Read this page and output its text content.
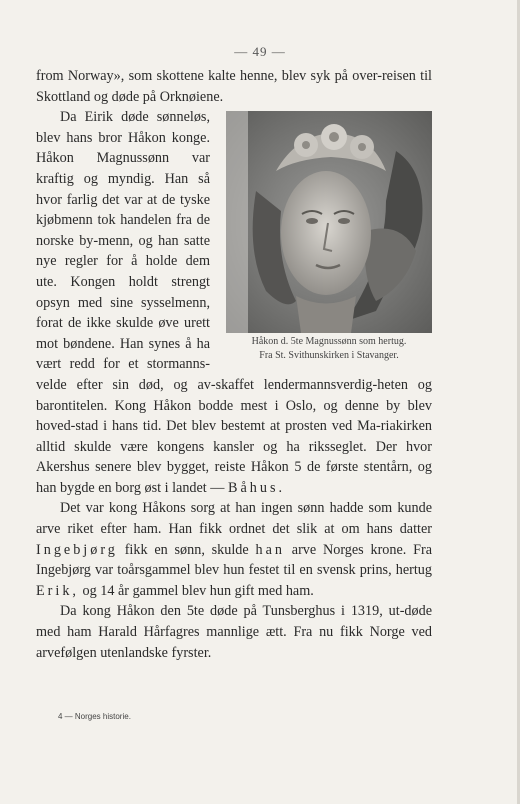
— 49 —

from Norway», som skottene kalte henne, blev syk på over-reisen til Skottland og døde på Orknøiene.

Håkon d. 5te Magnussønn som hertug.
Fra St. Svithunskirken i Stavanger.

Da Eirik døde sønneløs, blev hans bror Håkon konge. Håkon Magnussønn var kraftig og myndig. Han så hvor farlig det var at de tyske kjøbmenn tok handelen fra de norske by-menn, og han satte nye regler for å holde dem ute. Kongen holdt strengt opsyn med sine sysselmenn, forat de ikke skulde øve urett mot bøndene. Han synes å ha vært redd for et stormanns-velde efter sin død, og av-skaffet lendermannsverdig-heten og barontitelen. Kong Håkon bodde mest i Oslo, og denne by blev hoved-stad i hans tid. Det blev bestemt at prosten ved Ma-riakirken alltid skulde være kongens kansler og ha riksseglet. Der hvor Akershus senere blev bygget, reiste Håkon 5 de første stentårn, og han bygde en borg øst i landet — Båhus.

Det var kong Håkons sorg at han ingen sønn hadde som kunde arve riket efter ham. Han fikk ordnet det slik at om hans datter Ingebjørg fikk en sønn, skulde han arve Norges krone. Fra Ingebjørg var toårsgammel blev hun festet til en svensk prins, hertug Erik, og 14 år gammel blev hun gift med ham.

Da kong Håkon den 5te døde på Tunsberghus i 1319, ut-døde med ham Harald Hårfagres mannlige ætt. Fra nu fikk Norge ved arvefølgen utenlandske fyrster.

4 — Norges historie.
